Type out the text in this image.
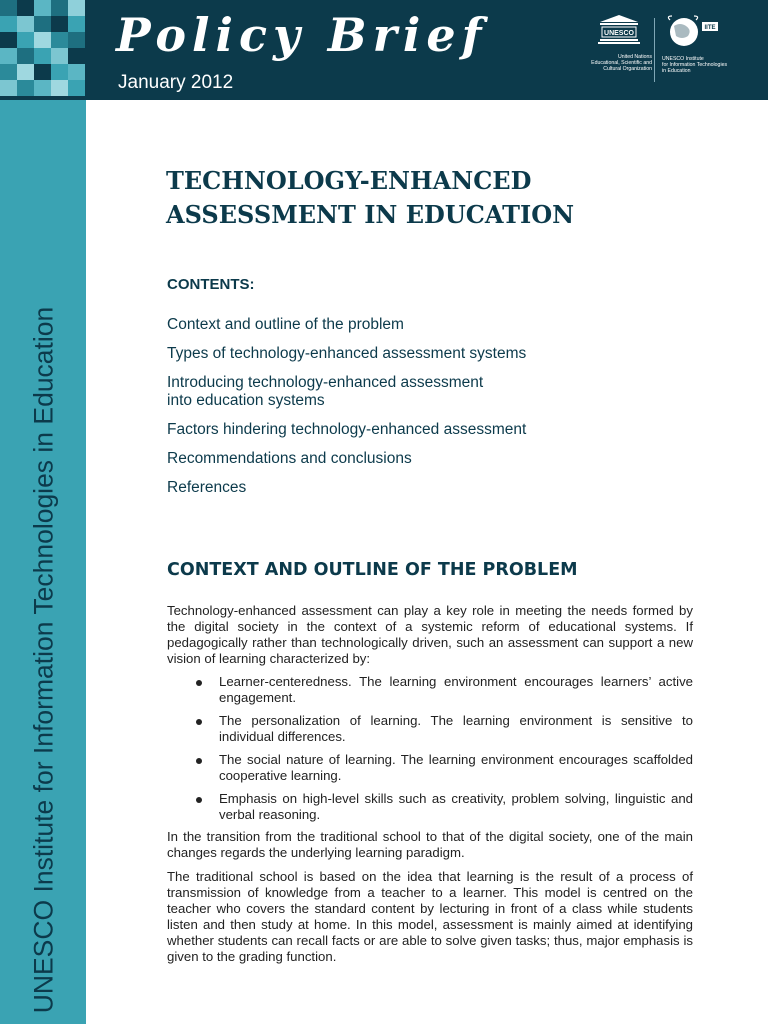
Policy Brief
January 2012
UNESCO
United Nations
Educational, Scientific and
Cultural Organization
IITE
UNESCO Institute
for Information Technologies
in Education
UNESCO Institute for Information Technologies in Education
TECHNOLOGY-ENHANCED
ASSESSMENT IN EDUCATION
CONTENTS:
Context and outline of the problem
Types of technology-enhanced assessment systems
Introducing technology-enhanced assessment
into education systems
Factors hindering technology-enhanced assessment
Recommendations and conclusions
References
CONTEXT AND OUTLINE OF THE PROBLEM

Technology-enhanced assessment can play a key role in meeting the needs formed by the digital society in the context of a systemic reform of educational systems. If pedagogically rather than technologically driven, such an assessment can support a new vision of learning characterized by:

Learner-centeredness. The learning environment encourages learners’ active engagement.
The personalization of learning. The learning environment is sensitive to individual differences.
The social nature of learning. The learning environment encourages scaffolded cooperative learning.
Emphasis on high-level skills such as creativity, problem solving, linguistic and verbal reasoning.

In the transition from the traditional school to that of the digital society, one of the main changes regards the underlying learning paradigm.

The traditional school is based on the idea that learning is the result of a process of transmission of knowledge from a teacher to a learner. This model is centred on the teacher who covers the standard content by lecturing in front of a class while students listen and then study at home. In this model, assessment is mainly aimed at identifying whether students can recall facts or are able to solve given tasks; thus, major emphasis is given to the grading function.
